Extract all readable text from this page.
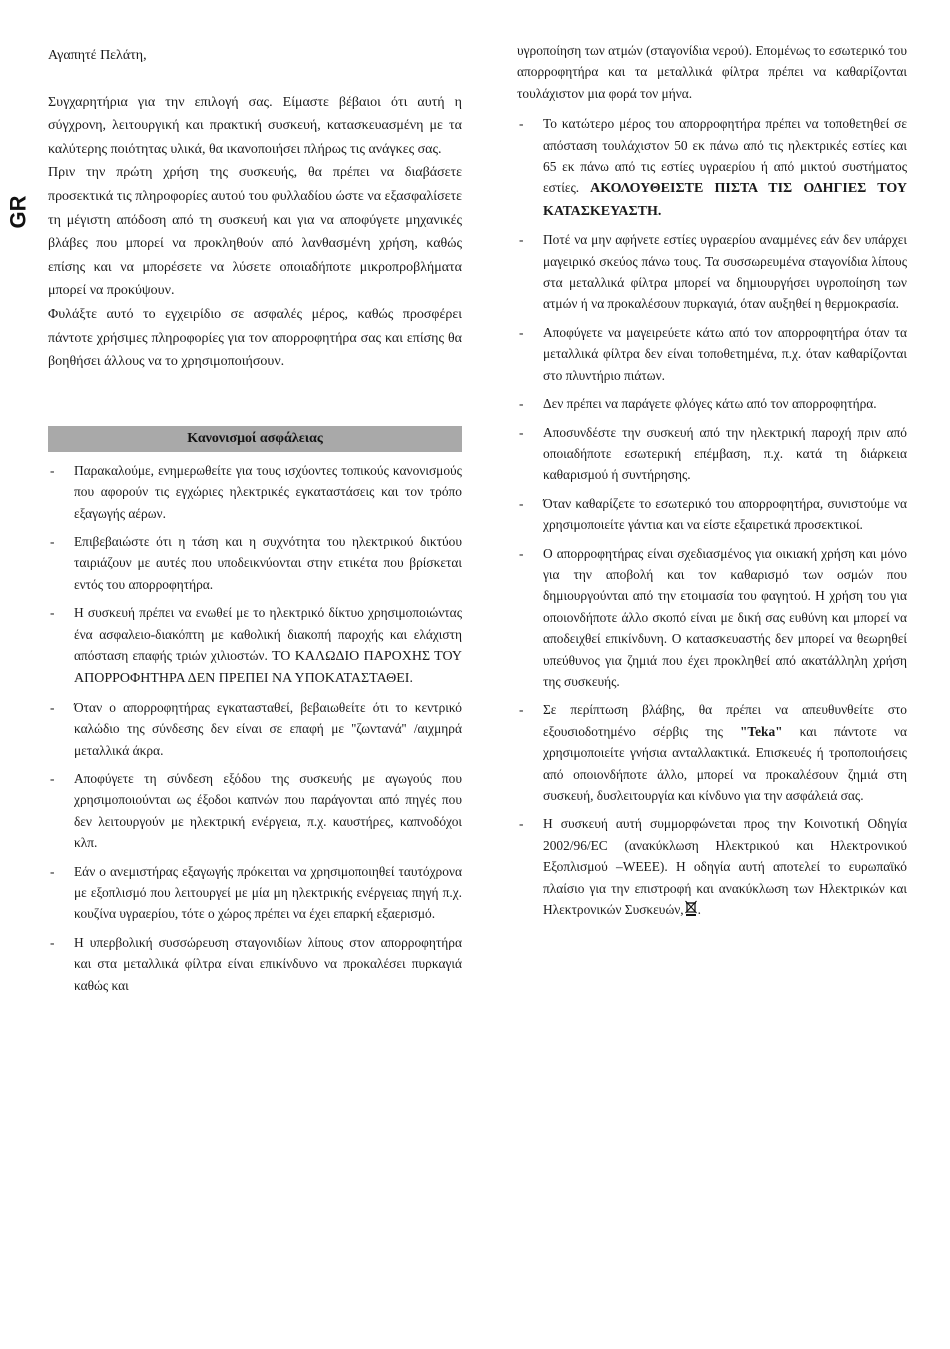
GR

Αγαπητέ Πελάτη,

Συγχαρητήρια για την επιλογή σας. Είμαστε βέβαιοι ότι αυτή η σύγχρονη, λειτουργική και πρακτική συσκευή, κατασκευασμένη με τα καλύτερης ποιότητας υλικά, θα ικανοποιήσει πλήρως τις ανάγκες σας.

Πριν την πρώτη χρήση της συσκευής, θα πρέπει να διαβάσετε προσεκτικά τις πληροφορίες αυτού του φυλλαδίου ώστε να εξασφαλίσετε τη μέγιστη απόδοση από τη συσκευή και για να αποφύγετε μηχανικές βλάβες που μπορεί να προκληθούν από λανθασμένη χρήση, καθώς επίσης και να μπορέσετε να λύσετε οποιαδήποτε μικροπροβλήματα μπορεί να προκύψουν.

Φυλάξτε αυτό το εγχειρίδιο σε ασφαλές μέρος, καθώς προσφέρει πάντοτε χρήσιμες πληροφορίες για τον απορροφητήρα σας και επίσης θα βοηθήσει άλλους να το χρησιμοποιήσουν.

Κανονισμοί ασφάλειας
- Παρακαλούμε, ενημερωθείτε για τους ισχύοντες τοπικούς κανονισμούς που αφορούν τις εγχώριες ηλεκτρικές εγκαταστάσεις και τον τρόπο εξαγωγής αέρων.
- Επιβεβαιώστε ότι η τάση και η συχνότητα του ηλεκτρικού δικτύου ταιριάζουν με αυτές που υποδεικνύονται στην ετικέτα που βρίσκεται εντός του απορροφητήρα.
- Η συσκευή πρέπει να ενωθεί με το ηλεκτρικό δίκτυο χρησιμοποιώντας ένα ασφαλειο-διακόπτη με καθολική διακοπή παροχής και ελάχιστη απόσταση επαφής τριών χιλιοστών. ΤΟ ΚΑΛΩΔΙΟ ΠΑΡΟΧΗΣ ΤΟΥ ΑΠΟΡΡΟΦΗΤΗΡΑ ΔΕΝ ΠΡΕΠΕΙ ΝΑ ΥΠΟΚΑΤΑΣΤΑΘΕΙ.
- Όταν ο απορροφητήρας εγκατασταθεί, βεβαιωθείτε ότι το κεντρικό καλώδιο της σύνδεσης δεν είναι σε επαφή με ''ζωντανά'' /αιχμηρά μεταλλικά άκρα.
- Αποφύγετε τη σύνδεση εξόδου της συσκευής με αγωγούς που χρησιμοποιούνται ως έξοδοι καπνών που παράγονται από πηγές που δεν λειτουργούν με ηλεκτρική ενέργεια, π.χ. καυστήρες, καπνοδόχοι κλπ.
- Εάν ο ανεμιστήρας εξαγωγής πρόκειται να χρησιμοποιηθεί ταυτόχρονα με εξοπλισμό που λειτουργεί με μία μη ηλεκτρικής ενέργειας πηγή π.χ. κουζίνα υγραερίου, τότε ο χώρος πρέπει να έχει επαρκή εξαερισμό.
- Η υπερβολική συσσώρευση σταγονιδίων λίπους στον απορροφητήρα και στα μεταλλικά φίλτρα είναι επικίνδυνο να προκαλέσει πυρκαγιά καθώς και
υγροποίηση των ατμών (σταγονίδια νερού). Επομένως το εσωτερικό του απορροφητήρα και τα μεταλλικά φίλτρα πρέπει να καθαρίζονται τουλάχιστον μια φορά τον μήνα.
- Το κατώτερο μέρος του απορροφητήρα πρέπει να τοποθετηθεί σε απόσταση τουλάχιστον 50 εκ πάνω από τις ηλεκτρικές εστίες και 65 εκ πάνω από τις εστίες υγραερίου ή από μικτού συστήματος εστίες. ΑΚΟΛΟΥΘΕΙΣΤΕ ΠΙΣΤΑ ΤΙΣ ΟΔΗΓΙΕΣ ΤΟΥ ΚΑΤΑΣΚΕΥΑΣΤΗ.
- Ποτέ να μην αφήνετε εστίες υγραερίου αναμμένες εάν δεν υπάρχει μαγειρικό σκεύος πάνω τους. Τα συσσωρευμένα σταγονίδια λίπους στα μεταλλικά φίλτρα μπορεί να δημιουργήσει υγροποίηση των ατμών ή να προκαλέσουν πυρκαγιά, όταν αυξηθεί η θερμοκρασία.
- Αποφύγετε να μαγειρεύετε κάτω από τον απορροφητήρα όταν τα μεταλλικά φίλτρα δεν είναι τοποθετημένα, π.χ. όταν καθαρίζονται στο πλυντήριο πιάτων.
- Δεν πρέπει να παράγετε φλόγες κάτω από τον απορροφητήρα.
- Αποσυνδέστε την συσκευή από την ηλεκτρική παροχή πριν από οποιαδήποτε εσωτερική επέμβαση, π.χ. κατά τη διάρκεια καθαρισμού ή συντήρησης.
- Όταν καθαρίζετε το εσωτερικό του απορροφητήρα, συνιστούμε να χρησιμοποιείτε γάντια και να είστε εξαιρετικά προσεκτικοί.
- Ο απορροφητήρας είναι σχεδιασμένος για οικιακή χρήση και μόνο για την αποβολή και τον καθαρισμό των οσμών που δημιουργούνται από την ετοιμασία του φαγητού. Η χρήση του για οποιονδήποτε άλλο σκοπό είναι με δική σας ευθύνη και μπορεί να αποδειχθεί επικίνδυνη. Ο κατασκευαστής δεν μπορεί να θεωρηθεί υπεύθυνος για ζημιά που έχει προκληθεί από ακατάλληλη χρήση της συσκευής.
- Σε περίπτωση βλάβης, θα πρέπει να απευθυνθείτε στο εξουσιοδοτημένο σέρβις της "Teka" και πάντοτε να χρησιμοποιείτε γνήσια ανταλλακτικά. Επισκευές ή τροποποιήσεις από οποιονδήποτε άλλο, μπορεί να προκαλέσουν ζημιά στη συσκευή, δυσλειτουργία και κίνδυνο για την ασφάλειά σας.
- Η συσκευή αυτή συμμορφώνεται προς την Κοινοτική Οδηγία 2002/96/EC (ανακύκλωση Ηλεκτρικού και Ηλεκτρονικού Εξοπλισμού –WEEE). Η οδηγία αυτή αποτελεί το ευρωπαϊκό πλαίσιο για την επιστροφή και ανακύκλωση των Ηλεκτρικών και Ηλεκτρονικών Συσκευών, .
